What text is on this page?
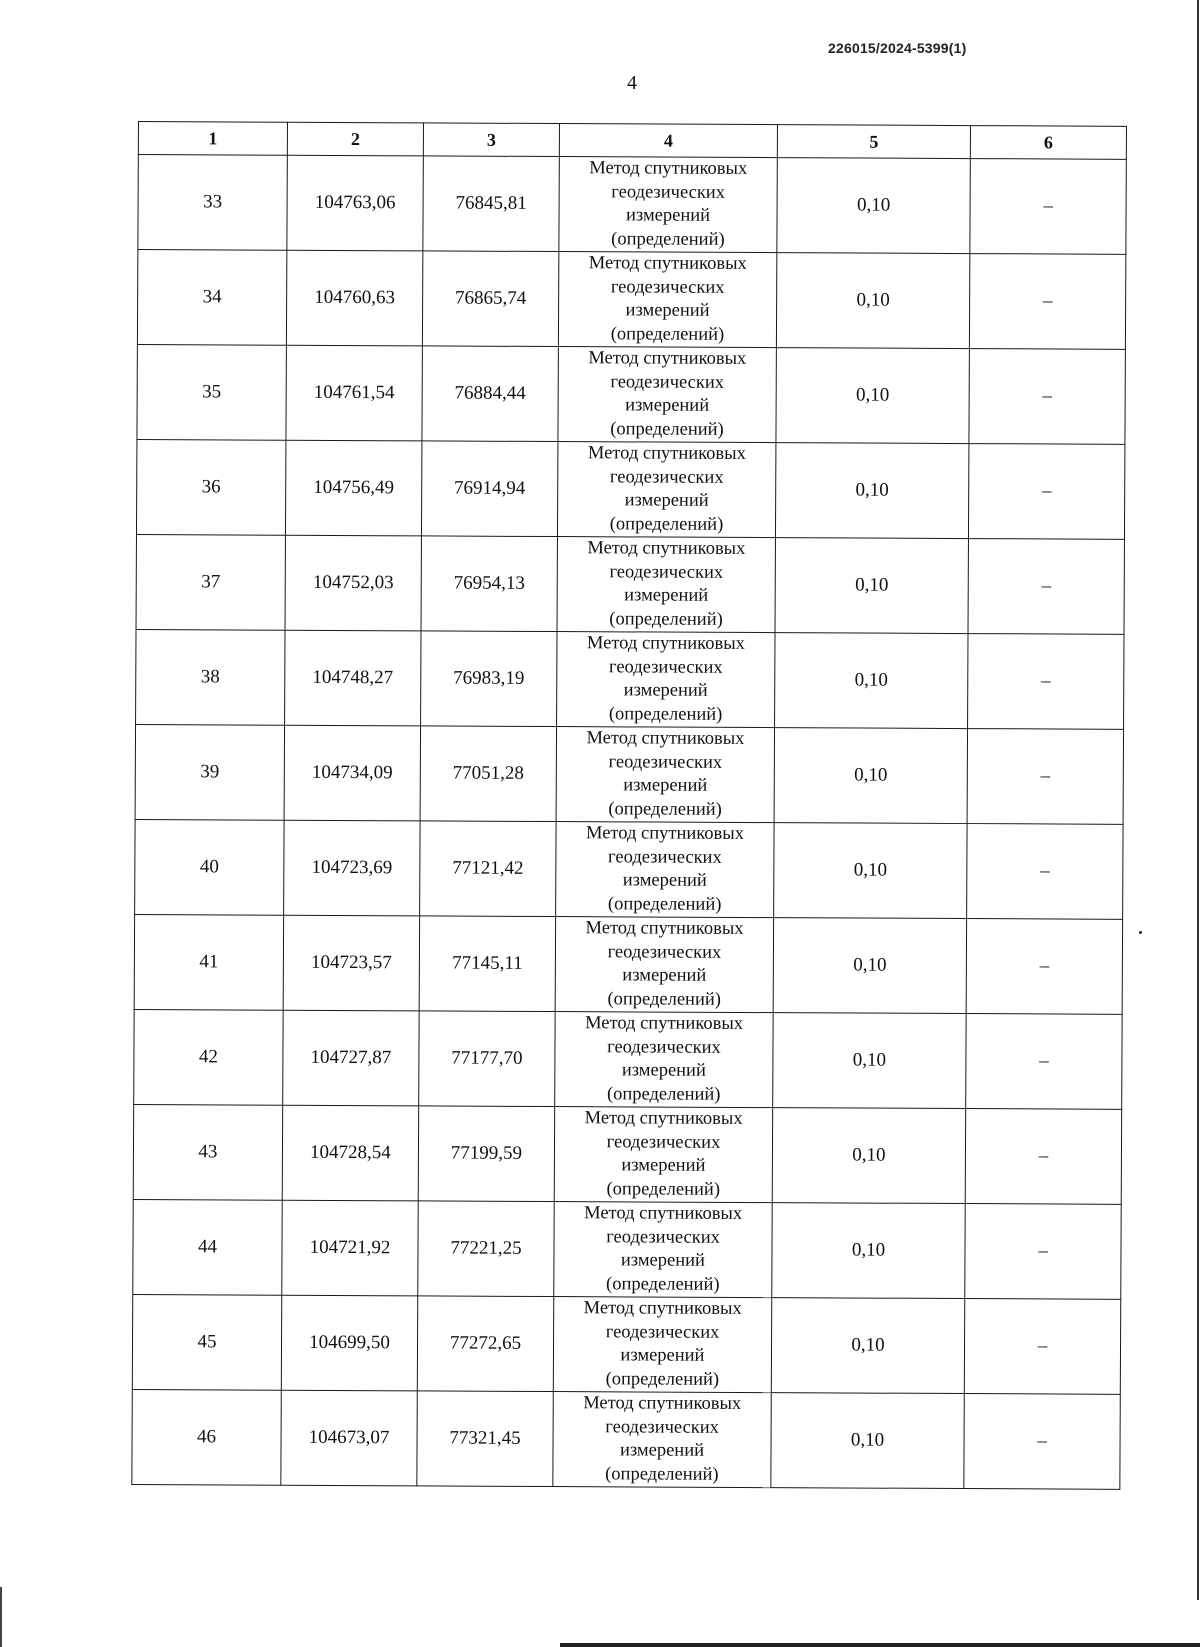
226015/2024-5399(1)
4
1	2	3	4	5	6
33	104763,06	76845,81	Метод спутниковых
геодезических
измерений
(определений)	0,10	–
34	104760,63	76865,74	Метод спутниковых
геодезических
измерений
(определений)	0,10	–
35	104761,54	76884,44	Метод спутниковых
геодезических
измерений
(определений)	0,10	–
36	104756,49	76914,94	Метод спутниковых
геодезических
измерений
(определений)	0,10	–
37	104752,03	76954,13	Метод спутниковых
геодезических
измерений
(определений)	0,10	–
38	104748,27	76983,19	Метод спутниковых
геодезических
измерений
(определений)	0,10	–
39	104734,09	77051,28	Метод спутниковых
геодезических
измерений
(определений)	0,10	–
40	104723,69	77121,42	Метод спутниковых
геодезических
измерений
(определений)	0,10	–
41	104723,57	77145,11	Метод спутниковых
геодезических
измерений
(определений)	0,10	–
42	104727,87	77177,70	Метод спутниковых
геодезических
измерений
(определений)	0,10	–
43	104728,54	77199,59	Метод спутниковых
геодезических
измерений
(определений)	0,10	–
44	104721,92	77221,25	Метод спутниковых
геодезических
измерений
(определений)	0,10	–
45	104699,50	77272,65	Метод спутниковых
геодезических
измерений
(определений)	0,10	–
46	104673,07	77321,45	Метод спутниковых
геодезических
измерений
(определений)	0,10	–
